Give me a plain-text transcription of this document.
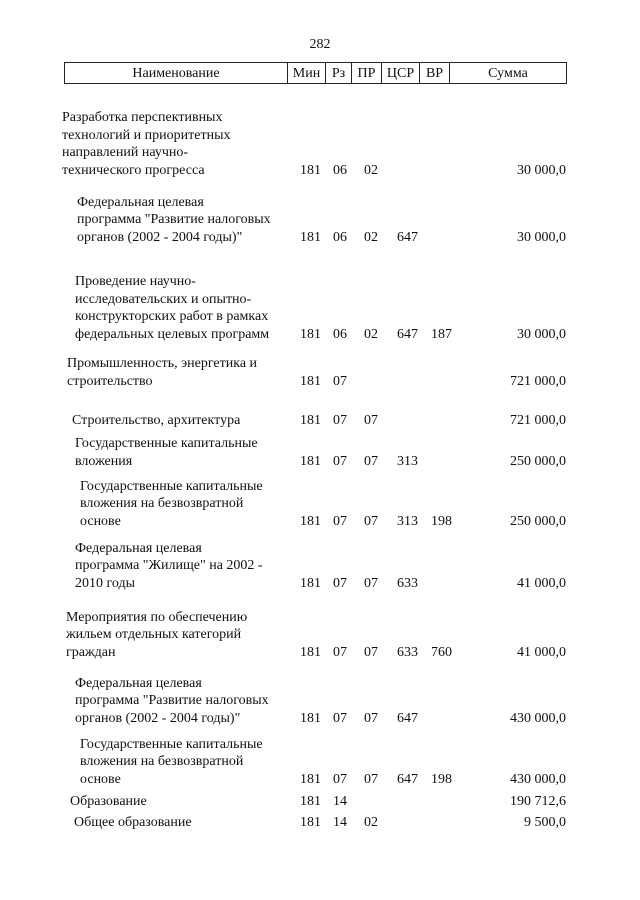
282
Наименование	Мин Рз ПР ЦСР ВР	Сумма
Разработка перспективных
технологий и приоритетных
направлений научно-
технического прогресса	181 06 02	30 000,0
Федеральная целевая
программа "Развитие налоговых
органов (2002 - 2004 годы)"	181 06 02 647	30 000,0
Проведение научно-
исследовательских и опытно-
конструкторских работ в рамках
федеральных целевых программ	181 06 02 647 187	30 000,0
Промышленность, энергетика и
строительство	181 07	721 000,0
Строительство, архитектура	181 07 07	721 000,0
Государственные капитальные
вложения	181 07 07 313	250 000,0
Государственные капитальные
вложения на безвозвратной
основе	181 07 07 313 198	250 000,0
Федеральная целевая
программа "Жилище" на 2002 -
2010 годы	181 07 07 633	41 000,0
Мероприятия по обеспечению
жильем отдельных категорий
граждан	181 07 07 633 760	41 000,0
Федеральная целевая
программа "Развитие налоговых
органов (2002 - 2004 годы)"	181 07 07 647	430 000,0
Государственные капитальные
вложения на безвозвратной
основе	181 07 07 647 198	430 000,0
Образование	181 14	190 712,6
Общее образование	181 14 02	9 500,0
